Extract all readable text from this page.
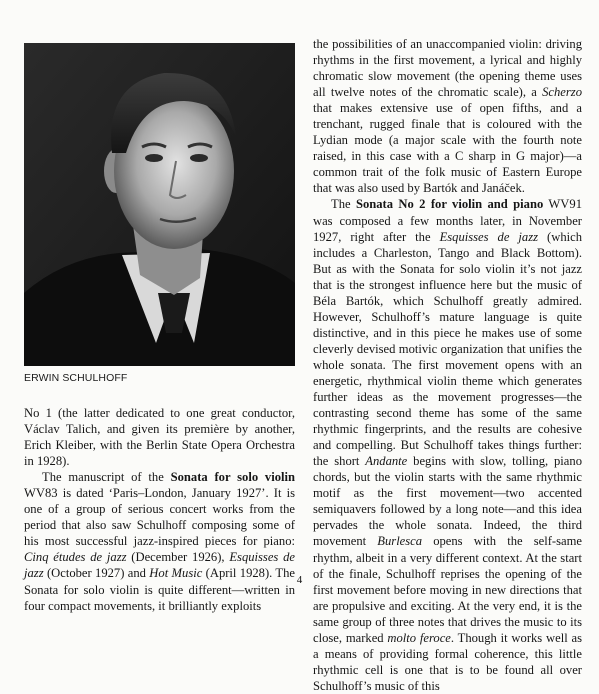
ERWIN SCHULHOFF

No 1 (the latter dedicated to one great conductor, Václav Talich, and given its première by another, Erich Kleiber, with the Berlin State Opera Orchestra in 1928).

The manuscript of the Sonata for solo violin WV83 is dated ‘Paris–London, January 1927’. It is one of a group of serious concert works from the period that also saw Schulhoff composing some of his most successful jazz-inspired pieces for piano: Cinq études de jazz (December 1926), Esquisses de jazz (October 1927) and Hot Music (April 1928). The Sonata for solo violin is quite different—written in four compact movements, it brilliantly exploits

the possibilities of an unaccompanied violin: driving rhythms in the first movement, a lyrical and highly chromatic slow movement (the opening theme uses all twelve notes of the chromatic scale), a Scherzo that makes extensive use of open fifths, and a trenchant, rugged finale that is coloured with the Lydian mode (a major scale with the fourth note raised, in this case with a C sharp in G major)—a common trait of the folk music of Eastern Europe that was also used by Bartók and Janáček.

The Sonata No 2 for violin and piano WV91 was composed a few months later, in November 1927, right after the Esquisses de jazz (which includes a Charleston, Tango and Black Bottom). But as with the Sonata for solo violin it’s not jazz that is the strongest influence here but the music of Béla Bartók, which Schulhoff greatly admired. However, Schulhoff’s mature language is quite distinctive, and in this piece he makes use of some cleverly devised motivic organization that unifies the whole sonata. The first movement opens with an energetic, rhythmical violin theme which generates further ideas as the movement progresses—the contrasting second theme has some of the same rhythmic fingerprints, and the results are cohesive and compelling. But Schulhoff takes things further: the short Andante begins with slow, tolling, piano chords, but the violin starts with the same rhythmic motif as the first movement—two accented semiquavers followed by a long note—and this idea pervades the whole sonata. Indeed, the third movement Burlesca opens with the self-same rhythm, albeit in a very different context. At the start of the finale, Schulhoff reprises the opening of the first movement before moving in new directions that are propulsive and exciting. At the very end, it is the same group of three notes that drives the music to its close, marked molto feroce. Though it works well as a means of providing formal coherence, this little rhythmic cell is one that is to be found all over Schulhoff’s music of this

4
